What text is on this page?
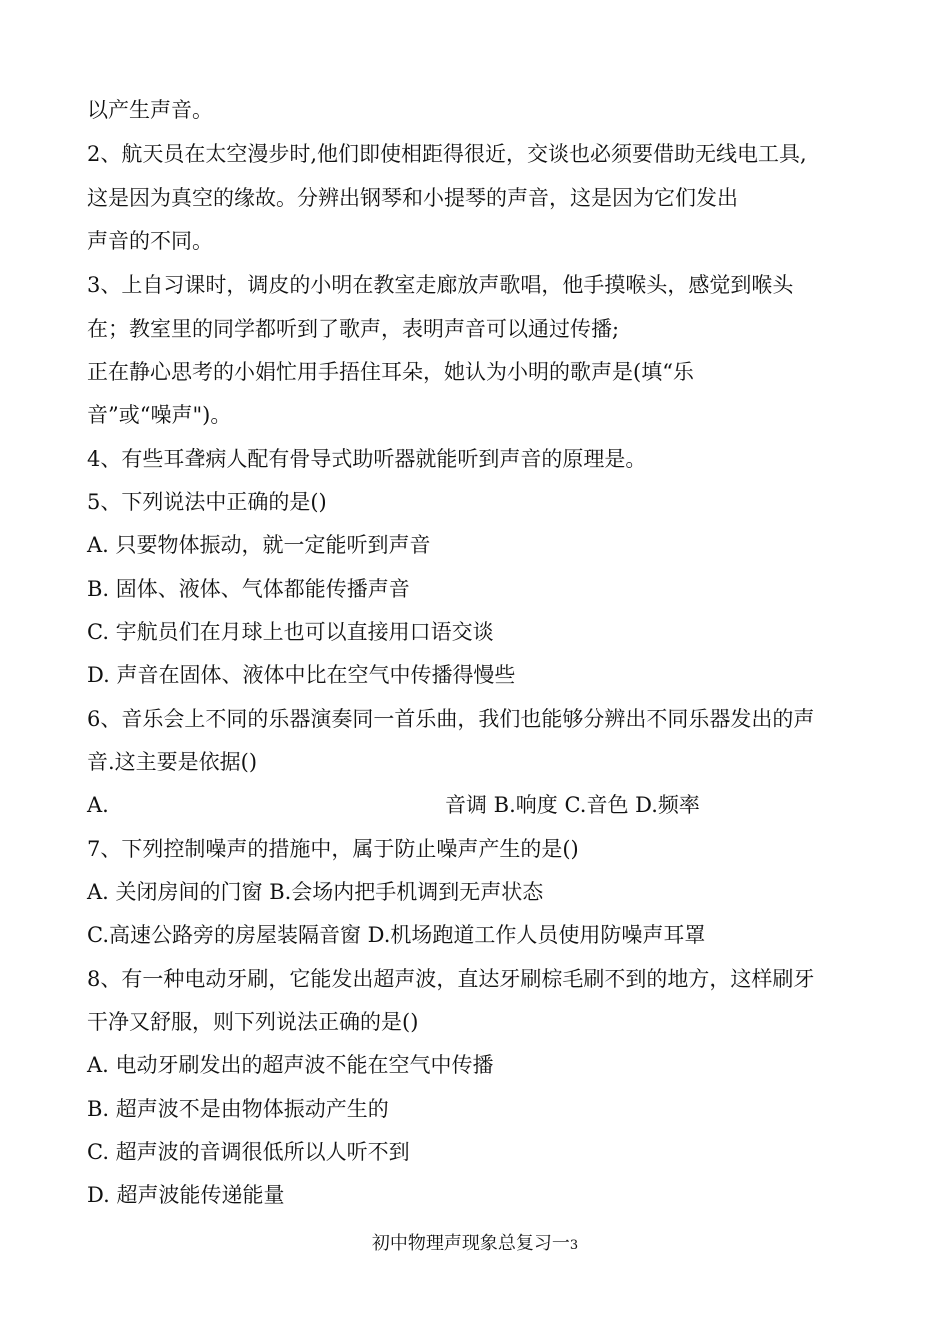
以产生声音。
2、航天员在太空漫步时,他们即使相距得很近，交谈也必须要借助无线电工具,
这是因为真空的缘故。分辨出钢琴和小提琴的声音，这是因为它们发出
声音的不同。
3、上自习课时，调皮的小明在教室走廊放声歌唱，他手摸喉头，感觉到喉头
在；教室里的同学都听到了歌声，表明声音可以通过传播;
正在静心思考的小娟忙用手捂住耳朵，她认为小明的歌声是(填“乐
音”或“噪声")。
4、有些耳聋病人配有骨导式助听器就能听到声音的原理是。
5、下列说法中正确的是()
A. 只要物体振动，就一定能听到声音
B. 固体、液体、气体都能传播声音
C. 宇航员们在月球上也可以直接用口语交谈
D. 声音在固体、液体中比在空气中传播得慢些
6、音乐会上不同的乐器演奏同一首乐曲，我们也能够分辨出不同乐器发出的声
音.这主要是依据()
A.	音调 B.响度 C.音色 D.频率
7、下列控制噪声的措施中，属于防止噪声产生的是()
A. 关闭房间的门窗 B.会场内把手机调到无声状态
C.高速公路旁的房屋装隔音窗 D.机场跑道工作人员使用防噪声耳罩
8、有一种电动牙刷，它能发出超声波，直达牙刷棕毛刷不到的地方，这样刷牙
干净又舒服，则下列说法正确的是()
A. 电动牙刷发出的超声波不能在空气中传播
B. 超声波不是由物体振动产生的
C. 超声波的音调很低所以人听不到
D. 超声波能传递能量
初中物理声现象总复习一3
